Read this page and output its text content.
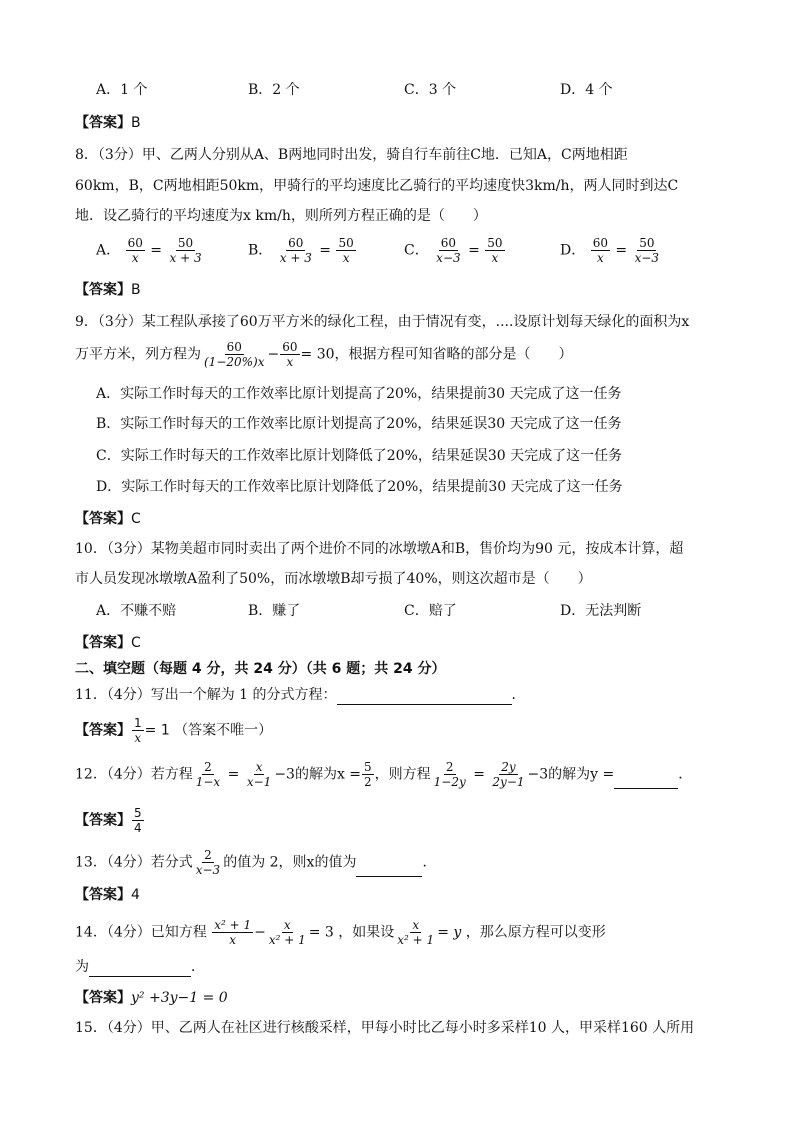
A．1 个	B．2 个	C．3 个	D．4 个
【答案】B
8．（3分）甲、乙两人分别从A、B两地同时出发，骑自行车前往C地．已知A，C两地相距
60km，B，C两地相距50km，甲骑行的平均速度比乙骑行的平均速度快3km/h，两人同时到达C
地．设乙骑行的平均速度为x km/h，则所列方程正确的是（　　）
A． $\frac{60}{x} = \frac{50}{x + 3}$	B． $\frac{60}{x + 3} = \frac{50}{x}$	C． $\frac{60}{x-3} = \frac{50}{x}$	D． $\frac{60}{x} = \frac{50}{x-3}$
【答案】B
9．（3分）某工程队承接了60万平方米的绿化工程，由于情况有变，....设原计划每天绿化的面积为x
万平方米，列方程为 $\frac{60}{(1-20\%)x} - \frac{60}{x} = 30$，根据方程可知省略的部分是（　　）
A．实际工作时每天的工作效率比原计划提高了20%，结果提前30 天完成了这一任务
B．实际工作时每天的工作效率比原计划提高了20%，结果延误30 天完成了这一任务
C．实际工作时每天的工作效率比原计划降低了20%，结果延误30 天完成了这一任务
D．实际工作时每天的工作效率比原计划降低了20%，结果提前30 天完成了这一任务
【答案】C
10．（3分）某物美超市同时卖出了两个进价不同的冰墩墩A和B，售价均为90 元，按成本计算，超
市人员发现冰墩墩A盈利了50%，而冰墩墩B却亏损了40%，则这次超市是（　　）
A．不赚不赔	B．赚了	C．赔了	D．无法判断
【答案】C
二、填空题（每题 4 分，共 24 分）（共 6 题；共 24 分）
11．（4分）写出一个解为 1 的分式方程：	．
【答案】 $\frac{1}{x} = 1$ （答案不唯一）
12．（4分）若方程 $\frac{2}{1-x} = \frac{x}{x-1} -3$的解为$x = \frac{5}{2}$ ，则方程 $\frac{2}{1-2y} = \frac{2y}{2y-1} -3$的解为y =	．
【答案】 $\frac{5}{4}$
13．（4分）若分式 $\frac{2}{x-3}$ 的值为 2，则x的值为	．
【答案】4
14．（4分）已知方程 $\frac{\text{x² + 1}}{x} - \frac{x}{\text{x² + 1}} = 3$ ，如果设 $\frac{x}{\text{x² + 1}} = y$ ，那么原方程可以变形
为	．
【答案】y² +3y−1 = 0
15．（4分）甲、乙两人在社区进行核酸采样，甲每小时比乙每小时多采样10 人，甲采样160 人所用
